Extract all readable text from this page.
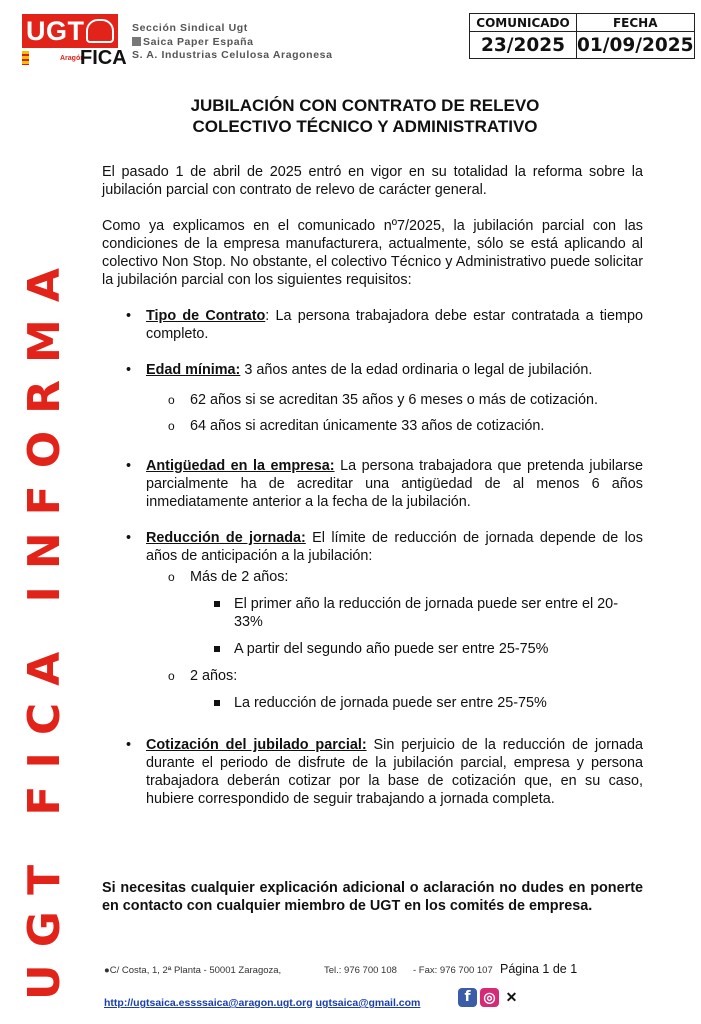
UGT
Aragón
FICA
Sección Sindical Ugt
Saica Paper España
S. A. Industrias Celulosa Aragonesa
COMUNICADO	FECHA
23/2025	01/09/2025
UGT FICA INFORMA
JUBILACIÓN CON CONTRATO DE RELEVO
COLECTIVO TÉCNICO Y ADMINISTRATIVO

El pasado 1 de abril de 2025 entró en vigor en su totalidad la reforma sobre la jubilación parcial con contrato de relevo de carácter general.

Como ya explicamos en el comunicado nº7/2025, la jubilación parcial con las condiciones de la empresa manufacturera, actualmente, sólo se está aplicando al colectivo Non Stop. No obstante, el colectivo Técnico y Administrativo puede solicitar la jubilación parcial con los siguientes requisitos:

• Tipo de Contrato: La persona trabajadora debe estar contratada a tiempo completo.
• Edad mínima: 3 años antes de la edad ordinaria o legal de jubilación.
o 62 años si se acreditan 35 años y 6 meses o más de cotización.
o 64 años si acreditan únicamente 33 años de cotización.
• Antigüedad en la empresa: La persona trabajadora que pretenda jubilarse parcialmente ha de acreditar una antigüedad de al menos 6 años inmediatamente anterior a la fecha de la jubilación.
• Reducción de jornada: El límite de reducción de jornada depende de los años de anticipación a la jubilación:
o Más de 2 años:
El primer año la reducción de jornada puede ser entre el 20-33%
A partir del segundo año puede ser entre 25-75%
o 2 años:
La reducción de jornada puede ser entre 25-75%
• Cotización del jubilado parcial: Sin perjuicio de la reducción de jornada durante el periodo de disfrute de la jubilación parcial, empresa y persona trabajadora deberán cotizar por la base de cotización que, en su caso, hubiere correspondido de seguir trabajando a jornada completa.
Si necesitas cualquier explicación adicional o aclaración no dudes en ponerte en contacto con cualquier miembro de UGT en los comités de empresa.
●C/ Costa, 1, 2ª Planta - 50001 Zaragoza,	Tel.: 976 700 108 - Fax: 976 700 107 Página 1 de 1
http://ugtsaica.essssaica@aragon.ugt.org ugtsaica@gmail.com	f ◎ ✕
